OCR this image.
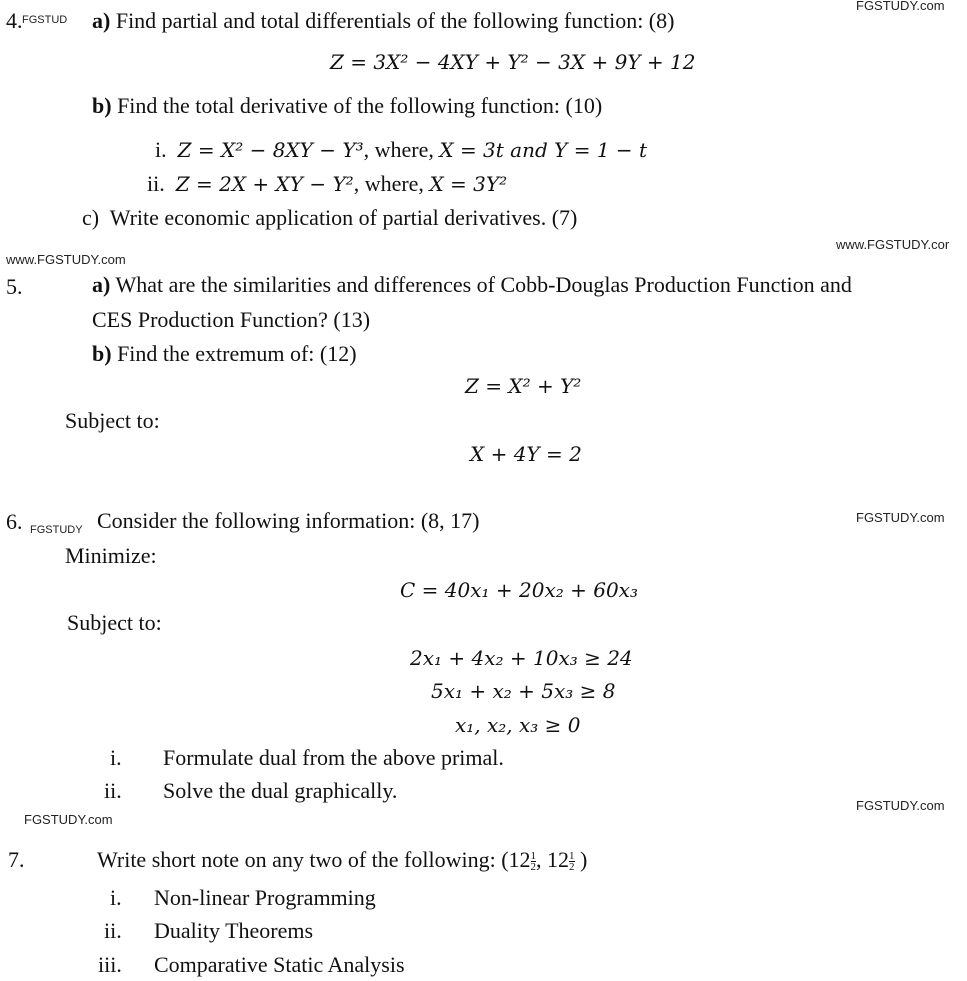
FGSTUDY.com
4. FGSTUD a) Find partial and total differentials of the following function: (8)
Z = 3X² − 4XY + Y² − 3X + 9Y + 12
b) Find the total derivative of the following function: (10)
i. Z = X² − 8XY − Y³, where, X = 3t and Y = 1 − t
ii. Z = 2X + XY − Y², where, X = 3Y²
c) Write economic application of partial derivatives. (7)
www.FGSTUDY.com
www.FGSTUDY.cor
5.	a) What are the similarities and differences of Cobb-Douglas Production Function and
CES Production Function? (13)
b) Find the extremum of: (12)
Z = X² + Y²
Subject to:
X + 4Y = 2
6. FGSTUDY Consider the following information: (8, 17)	FGSTUDY.com
Minimize:
C = 40x₁ + 20x₂ + 60x₃
Subject to:
2x₁ + 4x₂ + 10x₃ ≥ 24
5x₁ + x₂ + 5x₃ ≥ 8
x₁, x₂, x₃ ≥ 0
i. Formulate dual from the above primal.
ii. Solve the dual graphically.
FGSTUDY.com
FGSTUDY.com
7.	Write short note on any two of the following: ($12 \frac{1}{2}$ , $12 \frac{1}{2}$ )
i. Non-linear Programming
ii. Duality Theorems
iii. Comparative Static Analysis
